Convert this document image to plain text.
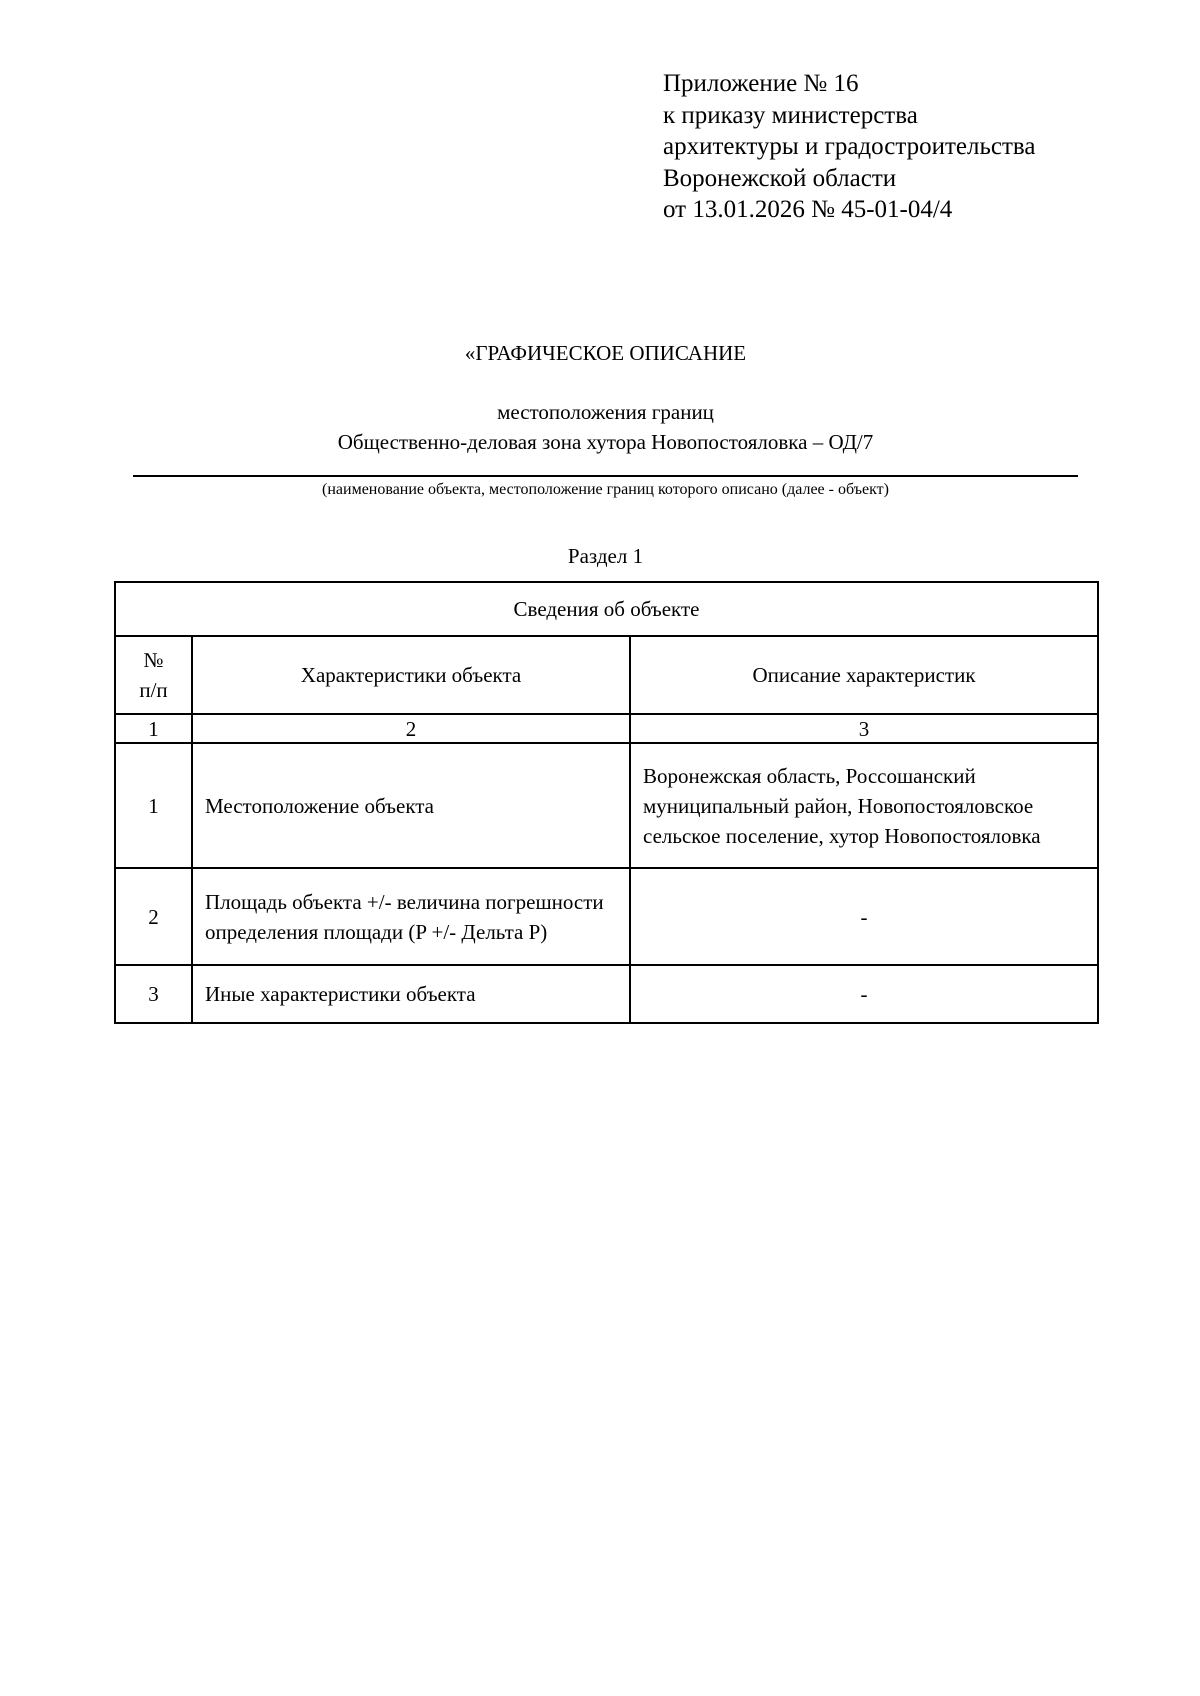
Приложение № 16
к приказу министерства
архитектуры и градостроительства
Воронежской области
от 13.01.2026 № 45-01-04/4
«ГРАФИЧЕСКОЕ ОПИСАНИЕ
местоположения границ
Общественно-деловая зона хутора Новопостояловка – ОД/7
(наименование объекта, местоположение границ которого описано (далее - объект)
Раздел 1
Сведения об объекте		

№
п/п	Характеристики объекта	Описание характеристик
1	2	3
1	Местоположение объекта	Воронежская область, Россошанский муниципальный район, Новопостояловское сельское поселение, хутор Новопостояловка
2	Площадь объекта +/- величина погрешности определения площади (P +/- Дельта P)	-
3	Иные характеристики объекта	-
